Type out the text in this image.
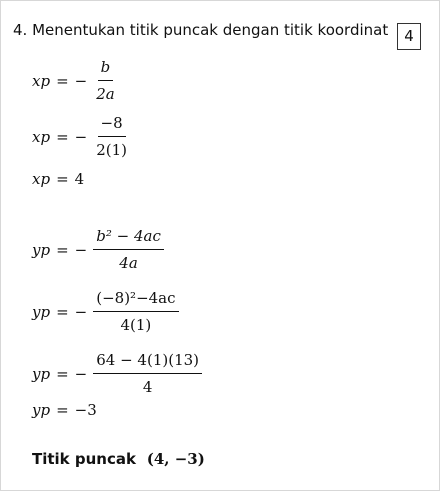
4. Menentukan titik puncak dengan titik koordinat	4
xp = − $\frac{b}{2a}$
xp = − $\frac{-8}{2(1)}$
xp = 4
yp = − $\frac{\text{b² − 4ac}}{4a}$
yp = − $\frac{\text{(−8)²−4ac}}{4(1)}$
yp = − $\frac{64 - 4(1)(13)}{4}$
yp = −3
Titik puncak (4, −3)
